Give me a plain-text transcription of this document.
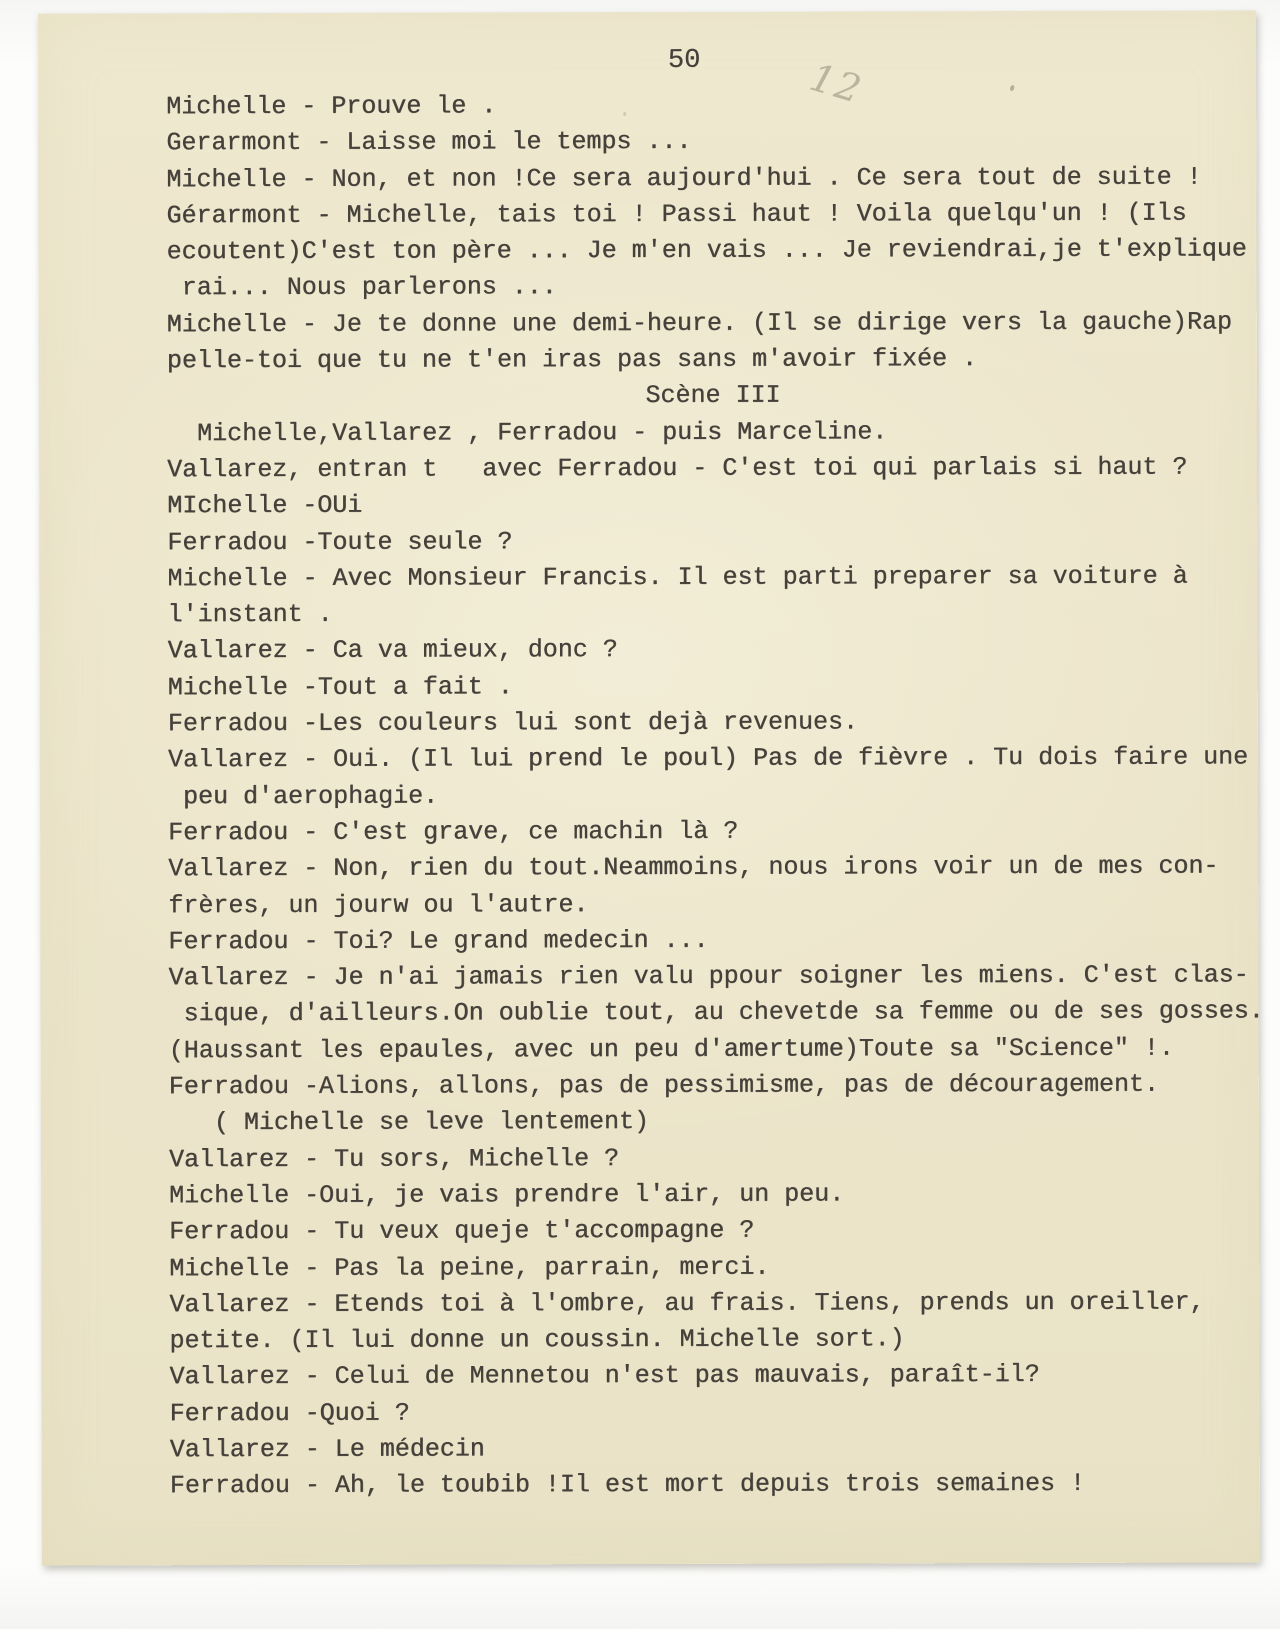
50	12
Michelle - Prouve le .
Gerarmont - Laisse moi le temps ...
Michelle - Non, et non !Ce sera aujourd'hui . Ce sera tout de suite !
Gérarmont - Michelle, tais toi ! Passi haut ! Voila quelqu'un ! (Ils
ecoutent)C'est ton père ... Je m'en vais ... Je reviendrai,je t'explique
rai... Nous parlerons ...
Michelle - Je te donne une demi-heure. (Il se dirige vers la gauche)Rap
pelle-toi que tu ne t'en iras pas sans m'avoir fixée .
Scène III
Michelle,Vallarez , Ferradou - puis Marceline.
Vallarez, entran t   avec Ferradou - C'est toi qui parlais si haut ?
MIchelle -OUi
Ferradou -Toute seule ?
Michelle - Avec Monsieur Francis. Il est parti preparer sa voiture à
l'instant .
Vallarez - Ca va mieux, donc ?
Michelle -Tout a fait .
Ferradou -Les couleurs lui sont dejà revenues.
Vallarez - Oui. (Il lui prend le poul) Pas de fièvre . Tu dois faire une
peu d'aerophagie.
Ferradou - C'est grave, ce machin là ?
Vallarez - Non, rien du tout.Neammoins, nous irons voir un de mes con-
frères, un jourw ou l'autre.
Ferradou - Toi? Le grand medecin ...
Vallarez - Je n'ai jamais rien valu ppour soigner les miens. C'est clas-
sique, d'ailleurs.On oublie tout, au chevetde sa femme ou de ses gosses.
(Haussant les epaules, avec un peu d'amertume)Toute sa "Science" !.
Ferradou -Alions, allons, pas de pessimisme, pas de découragement.
( Michelle se leve lentement)
Vallarez - Tu sors, Michelle ?
Michelle -Oui, je vais prendre l'air, un peu.
Ferradou - Tu veux queje t'accompagne ?
Michelle - Pas la peine, parrain, merci.
Vallarez - Etends toi à l'ombre, au frais. Tiens, prends un oreiller,
petite. (Il lui donne un coussin. Michelle sort.)
Vallarez - Celui de Mennetou n'est pas mauvais, paraît-il?
Ferradou -Quoi ?
Vallarez - Le médecin
Ferradou - Ah, le toubib !Il est mort depuis trois semaines !
